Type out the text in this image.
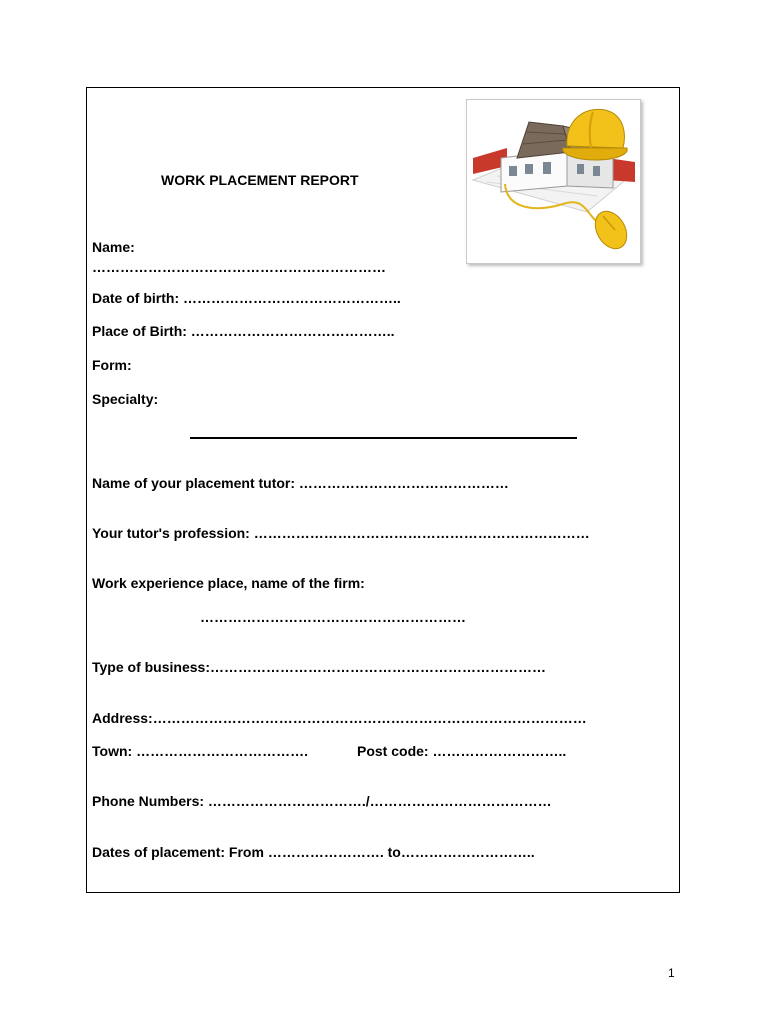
WORK PLACEMENT REPORT
Name:
………………………………………………………
Date of birth: ………………………………………..
Place of Birth: ……………………………………..
Form:
Specialty:
Name of your placement tutor: ………………………………………
Your tutor's profession: ………………………………………………………………
Work experience place, name of the firm:
…………………………………………………
Type of business:………………………………………………………………
Address:…………………………………………………………………………………
Town: ……………………………….	Post code: ………………………..
Phone Numbers: ……………………………./…………………………………
Dates of placement: From ……………………. to………………………..
1
